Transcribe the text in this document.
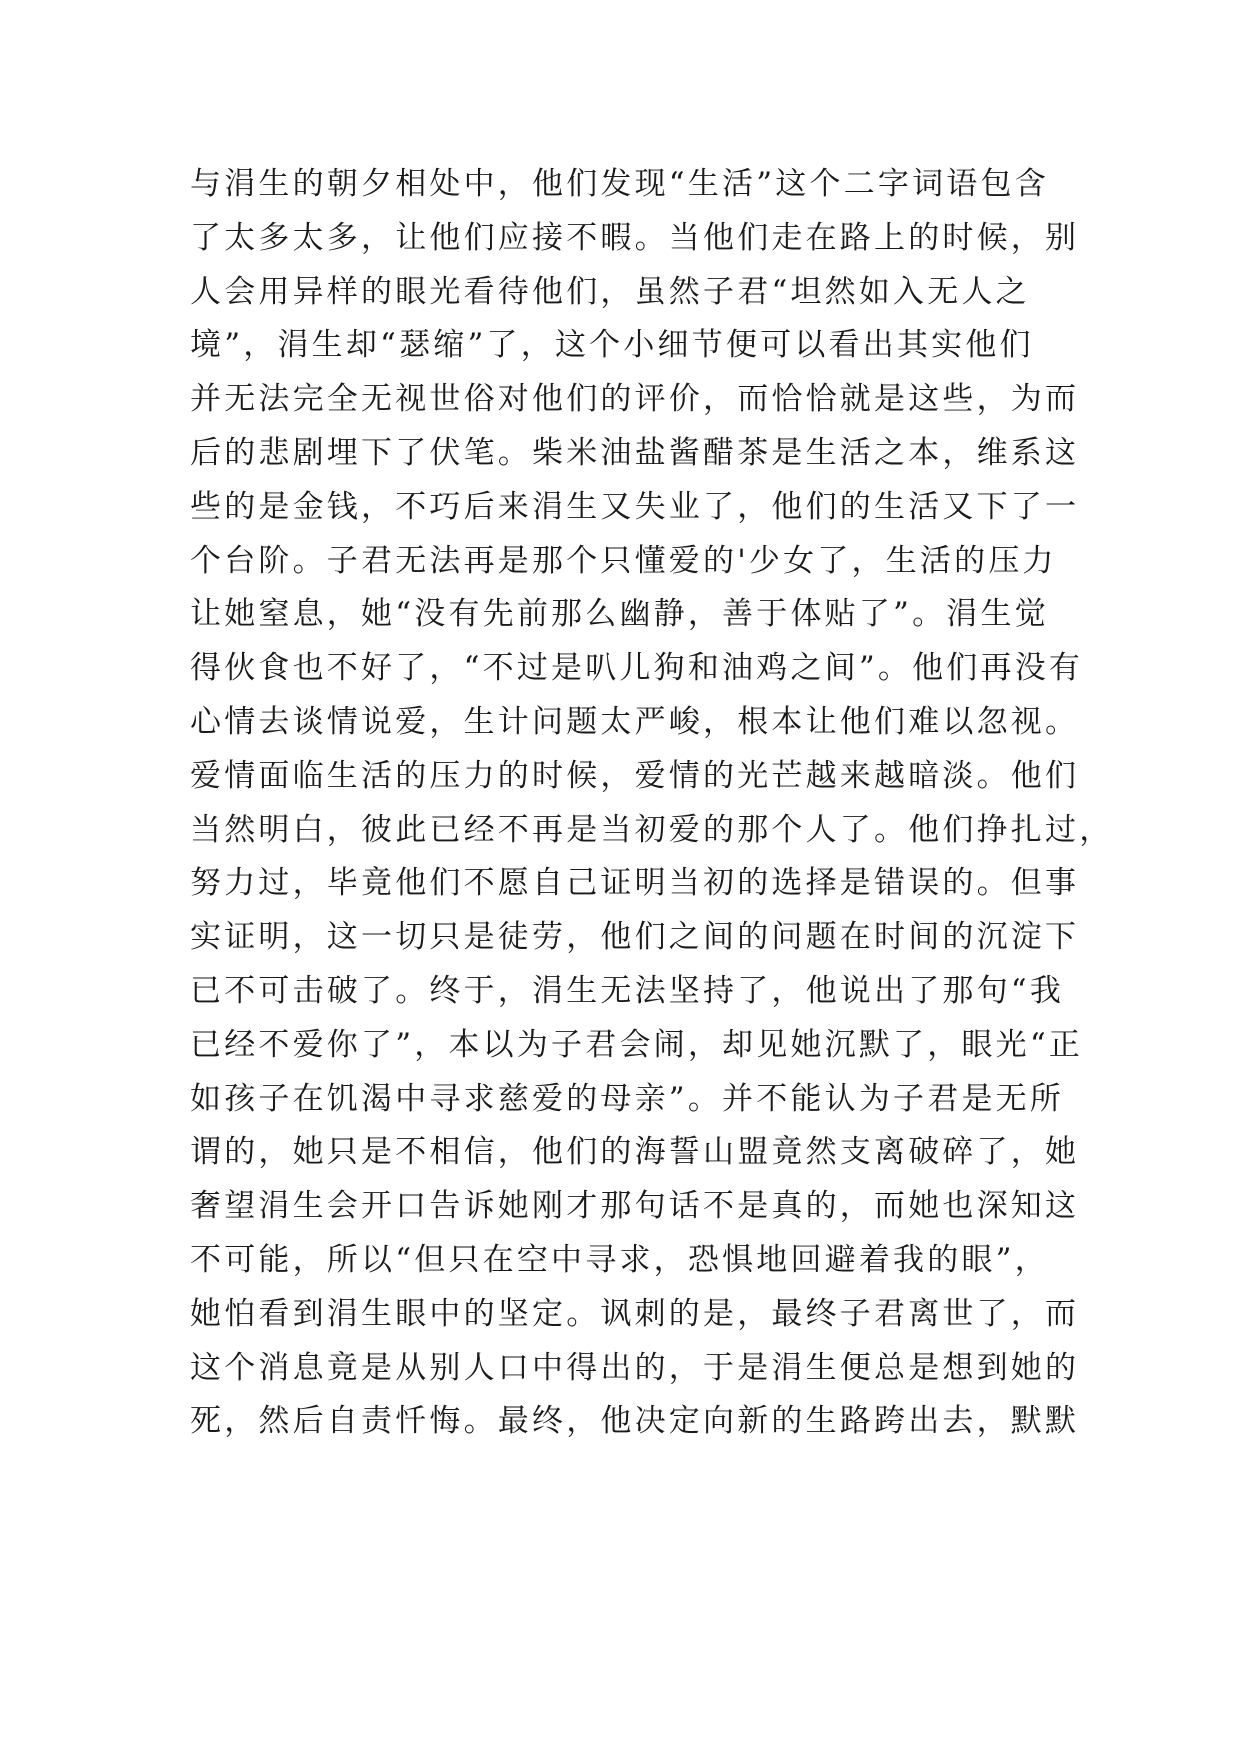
与涓生的朝夕相处中，他们发现“生活”这个二字词语包含
了太多太多，让他们应接不暇。当他们走在路上的时候，别
人会用异样的眼光看待他们，虽然子君“坦然如入无人之
境”，涓生却“瑟缩”了，这个小细节便可以看出其实他们
并无法完全无视世俗对他们的评价，而恰恰就是这些，为而
后的悲剧埋下了伏笔。柴米油盐酱醋茶是生活之本，维系这
些的是金钱，不巧后来涓生又失业了，他们的生活又下了一
个台阶。子君无法再是那个只懂爱的'少女了，生活的压力
让她窒息，她“没有先前那么幽静，善于体贴了”。涓生觉
得伙食也不好了，“不过是叭儿狗和油鸡之间”。他们再没有
心情去谈情说爱，生计问题太严峻，根本让他们难以忽视。
爱情面临生活的压力的时候，爱情的光芒越来越暗淡。他们
当然明白，彼此已经不再是当初爱的那个人了。他们挣扎过，
努力过，毕竟他们不愿自己证明当初的选择是错误的。但事
实证明，这一切只是徒劳，他们之间的问题在时间的沉淀下
已不可击破了。终于，涓生无法坚持了，他说出了那句“我
已经不爱你了”，本以为子君会闹，却见她沉默了，眼光“正
如孩子在饥渴中寻求慈爱的母亲”。并不能认为子君是无所
谓的，她只是不相信，他们的海誓山盟竟然支离破碎了，她
奢望涓生会开口告诉她刚才那句话不是真的，而她也深知这
不可能，所以“但只在空中寻求，恐惧地回避着我的眼”，
她怕看到涓生眼中的坚定。讽刺的是，最终子君离世了，而
这个消息竟是从别人口中得出的，于是涓生便总是想到她的
死，然后自责忏悔。最终，他决定向新的生路跨出去，默默
